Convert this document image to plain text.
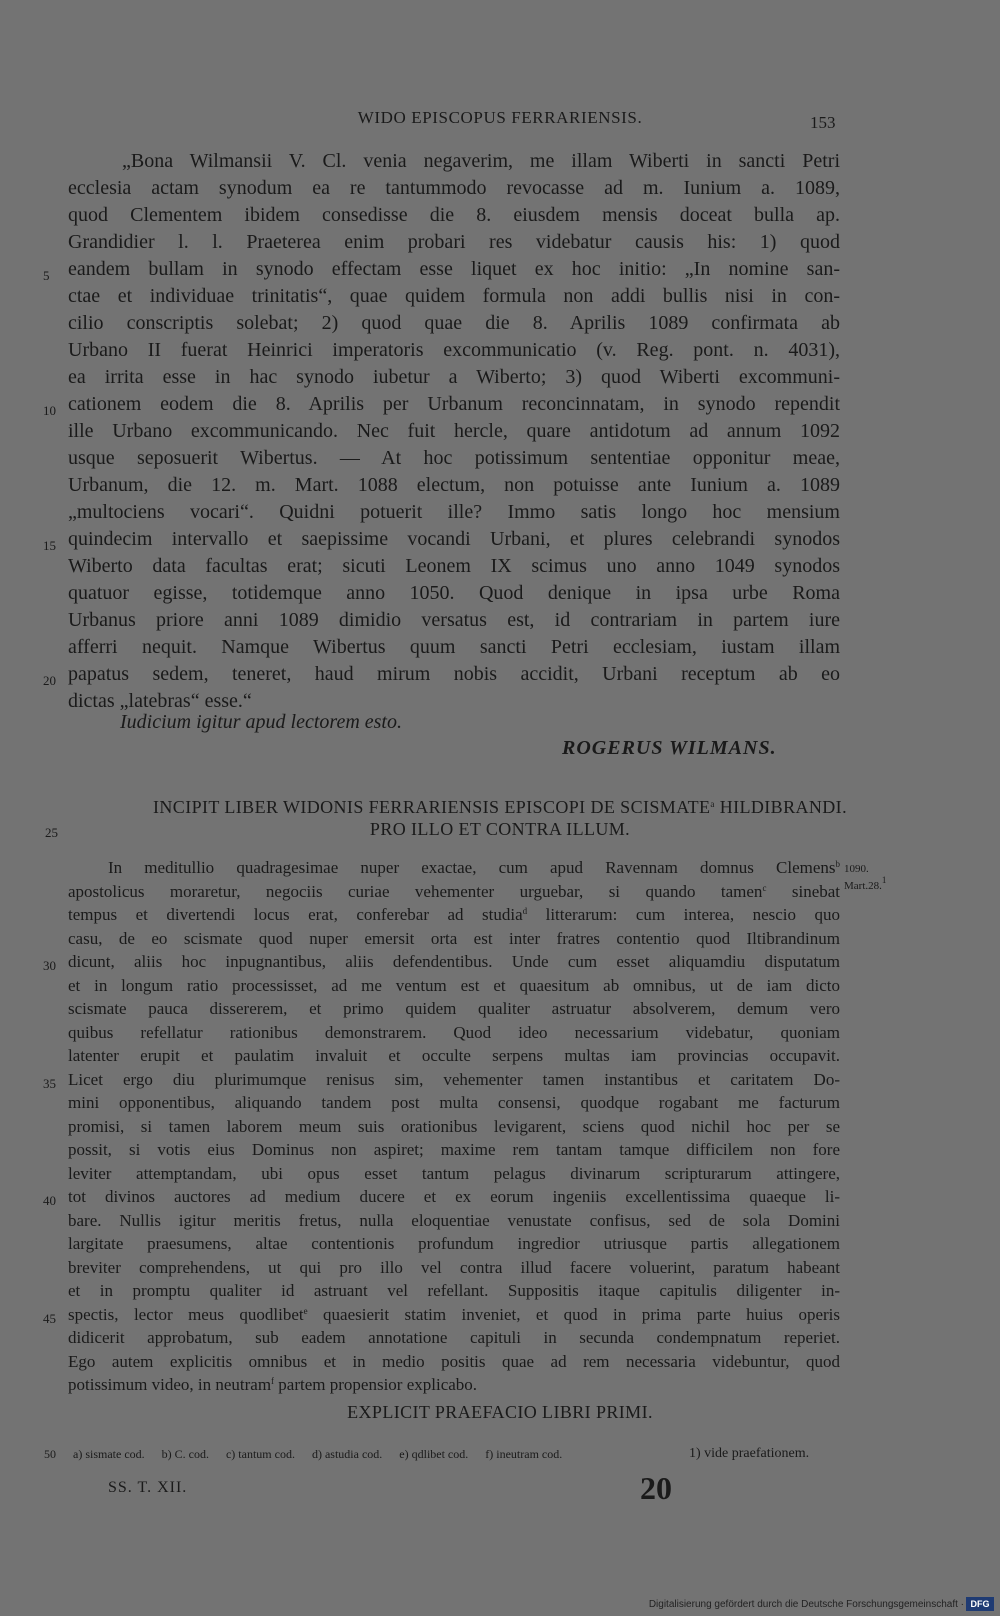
WIDO EPISCOPUS FERRARIENSIS.	153
„Bona Wilmansii V. Cl. venia negaverim, me illam Wiberti in sancti Petri
ecclesia actam synodum ea re tantummodo revocasse ad m. Iunium a. 1089,
quod Clementem ibidem consedisse die 8. eiusdem mensis doceat bulla ap.
Grandidier l. l. Praeterea enim probari res videbatur causis his: 1) quod
5 eandem bullam in synodo effectam esse liquet ex hoc initio: „In nomine san-
ctae et individuae trinitatis“, quae quidem formula non addi bullis nisi in con-
cilio conscriptis solebat; 2) quod quae die 8. Aprilis 1089 confirmata ab
Urbano II fuerat Heinrici imperatoris excommunicatio (v. Reg. pont. n. 4031),
ea irrita esse in hac synodo iubetur a Wiberto; 3) quod Wiberti excommuni-
10 cationem eodem die 8. Aprilis per Urbanum reconcinnatam, in synodo rependit
ille Urbano excommunicando. Nec fuit hercle, quare antidotum ad annum 1092
usque seposuerit Wibertus. — At hoc potissimum sententiae opponitur meae,
Urbanum, die 12. m. Mart. 1088 electum, non potuisse ante Iunium a. 1089
„multociens vocari“. Quidni potuerit ille? Immo satis longo hoc mensium
15 quindecim intervallo et saepissime vocandi Urbani, et plures celebrandi synodos
Wiberto data facultas erat; sicuti Leonem IX scimus uno anno 1049 synodos
quatuor egisse, totidemque anno 1050. Quod denique in ipsa urbe Roma
Urbanus priore anni 1089 dimidio versatus est, id contrariam in partem iure
afferri nequit. Namque Wibertus quum sancti Petri ecclesiam, iustam illam
20 papatus sedem, teneret, haud mirum nobis accidit, Urbani receptum ab eo
dictas „latebras“ esse.“
Iudicium igitur apud lectorem esto.
ROGERUS WILMANS.
INCIPIT LIBER WIDONIS FERRARIENSIS EPISCOPI DE SCISMATE$^a$ HILDIBRANDI.
25	PRO ILLO ET CONTRA ILLUM.
In meditullio quadragesimae nuper exactae, cum apud Ravennam domnus Clemens$^b$
apostolicus moraretur, negociis curiae vehementer urguebar, si quando tamen$^c$ sinebat
tempus et divertendi locus erat, conferebar ad studia$^d$ litterarum: cum interea, nescio quo
casu, de eo scismate quod nuper emersit orta est inter fratres contentio quod Iltibrandinum
30 dicunt, aliis hoc inpugnantibus, aliis defendentibus. Unde cum esset aliquamdiu disputatum
et in longum ratio processisset, ad me ventum est et quaesitum ab omnibus, ut de iam dicto
scismate pauca dissererem, et primo quidem qualiter astruatur absolverem, demum vero
quibus refellatur rationibus demonstrarem. Quod ideo necessarium videbatur, quoniam
latenter erupit et paulatim invaluit et occulte serpens multas iam provincias occupavit.
35 Licet ergo diu plurimumque renisus sim, vehementer tamen instantibus et caritatem Do-
mini opponentibus, aliquando tandem post multa consensi, quodque rogabant me facturum
promisi, si tamen laborem meum suis orationibus levigarent, sciens quod nichil hoc per se
possit, si votis eius Dominus non aspiret; maxime rem tantam tamque difficilem non fore
leviter attemptandam, ubi opus esset tantum pelagus divinarum scripturarum attingere,
40 tot divinos auctores ad medium ducere et ex eorum ingeniis excellentissima quaeque li-
bare. Nullis igitur meritis fretus, nulla eloquentiae venustate confisus, sed de sola Domini
largitate praesumens, altae contentionis profundum ingredior utriusque partis allegationem
breviter comprehendens, ut qui pro illo vel contra illud facere voluerint, paratum habeant
et in promptu qualiter id astruant vel refellant. Suppositis itaque capitulis diligenter in-
45 spectis, lector meus quodlibet$^e$ quaesierit statim inveniet, et quod in prima parte huius operis
didicerit approbatum, sub eadem annotatione capituli in secunda condempnatum reperiet.
Ego autem explicitis omnibus et in medio positis quae ad rem necessaria videbuntur, quod
potissimum video, in neutram$^f$ partem propensior explicabo.
1090.
Mart.28.$^1$
EXPLICIT PRAEFACIO LIBRI PRIMI.
50 a) sismate cod. b) C. cod. c) tantum cod. d) astudia cod. e) qdlibet cod. f) ineutram cod.	1) vide praefationem.
SS. T. XII.	20
Digitalisierung gefördert durch die Deutsche Forschungsgemeinschaft · DFG
